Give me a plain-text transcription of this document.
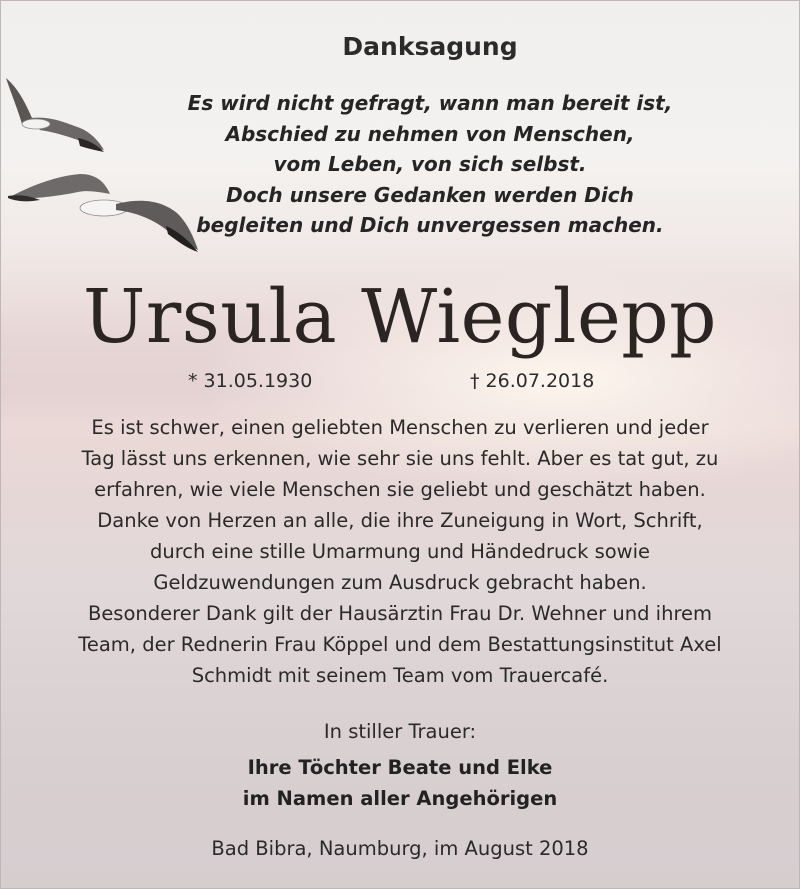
Danksagung
Es wird nicht gefragt, wann man bereit ist,
Abschied zu nehmen von Menschen,
vom Leben, von sich selbst.
Doch unsere Gedanken werden Dich
begleiten und Dich unvergessen machen.
Ursula Wieglepp
* 31.05.1930	† 26.07.2018

Es ist schwer, einen geliebten Menschen zu verlieren und jeder
Tag lässt uns erkennen, wie sehr sie uns fehlt. Aber es tat gut, zu
erfahren, wie viele Menschen sie geliebt und geschätzt haben.

Danke von Herzen an alle, die ihre Zuneigung in Wort, Schrift,
durch eine stille Umarmung und Händedruck sowie
Geldzuwendungen zum Ausdruck gebracht haben.

Besonderer Dank gilt der Hausärztin Frau Dr. Wehner und ihrem
Team, der Rednerin Frau Köppel und dem Bestattungsinstitut Axel
Schmidt mit seinem Team vom Trauercafé.

In stiller Trauer:
Ihre Töchter Beate und Elke
im Namen aller Angehörigen
Bad Bibra, Naumburg, im August 2018
